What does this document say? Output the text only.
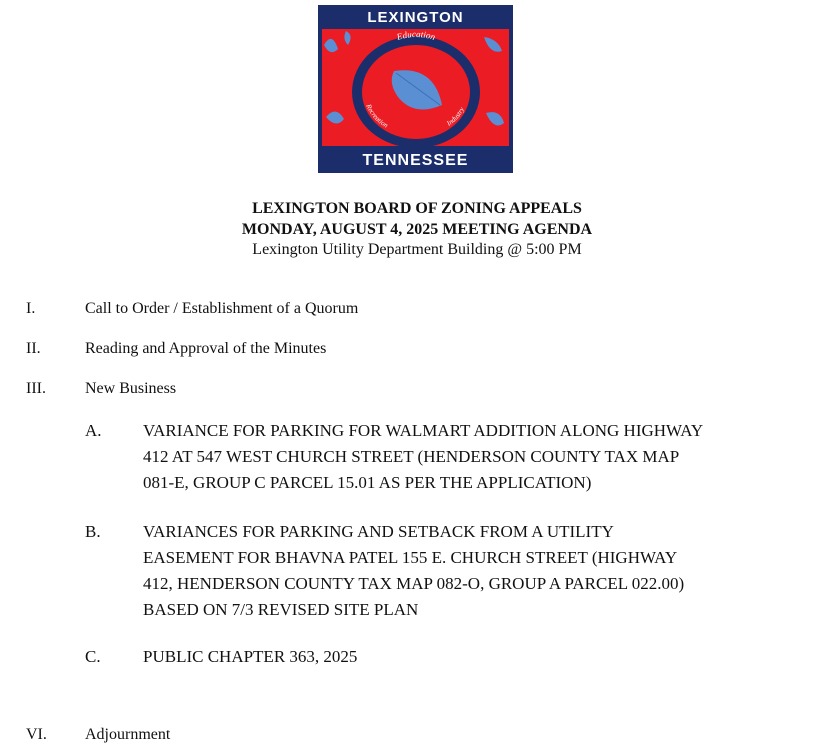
Education
Recreation	Industry
LEXINGTON
TENNESSEE
LEXINGTON BOARD OF ZONING APPEALS
MONDAY, AUGUST 4, 2025 MEETING AGENDA
Lexington Utility Department Building @ 5:00 PM
I.	Call to Order / Establishment of a Quorum
II.	Reading and Approval of the Minutes
III. New Business
A. VARIANCE FOR PARKING FOR WALMART ADDITION ALONG HIGHWAY
412 AT 547 WEST CHURCH STREET (HENDERSON COUNTY TAX MAP
081-E, GROUP C PARCEL 15.01 AS PER THE APPLICATION)
B. VARIANCES FOR PARKING AND SETBACK FROM A UTILITY
EASEMENT FOR BHAVNA PATEL 155 E. CHURCH STREET (HIGHWAY
412, HENDERSON COUNTY TAX MAP 082-O, GROUP A PARCEL 022.00)
BASED ON 7/3 REVISED SITE PLAN
C. PUBLIC CHAPTER 363, 2025
VI. Adjournment
